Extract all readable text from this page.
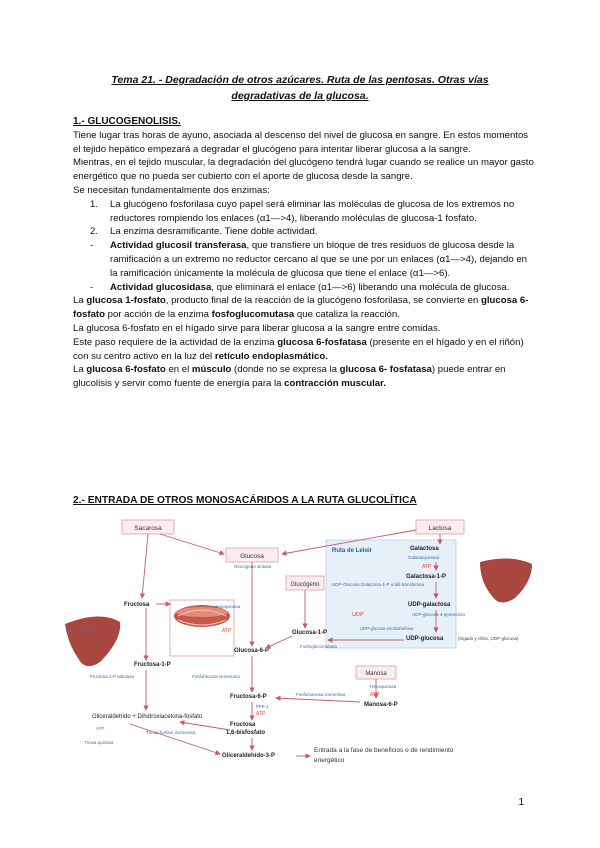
Tema 21. - Degradación de otros azúcares. Ruta de las pentosas. Otras vías
degradativas de la glucosa.

1.- GLUCOGENOLISIS.

Tiene lugar tras horas de ayuno, asociada al descenso del nivel de glucosa en sangre. En estos momentos el tejido hepático empezará a degradar el glucógeno para intentar liberar glucosa a la sangre.

Mientras, en el tejido muscular, la degradación del glucógeno tendrá lugar cuando se realice un mayor gasto energético que no pueda ser cubierto con el aporte de glucosa desde la sangre.

Se necesitan fundamentalmente dos enzimas:

1. La glucógeno fosforilasa cuyo papel será eliminar las moléculas de glucosa de los extremos no reductores rompiendo los enlaces (α1—>4), liberando moléculas de glucosa-1 fosfato.
2. La enzima desramificante. Tiene doble actividad.
- Actividad glucosil transferasa, que transfiere un bloque de tres residuos de glucosa desde la ramificación a un extremo no reductor cercano al que se une por un enlaces (α1—>4), dejando en la ramificación únicamente la molécula de glucosa que tiene el enlace (α1—>6).
- Actividad glucosidasa, que eliminará el enlace (α1—>6) liberando una molécula de glucosa.

La glucosa 1-fosfato, producto final de la reacción de la glucógeno fosforilasa, se convierte en glucosa 6- fosfato por acción de la enzima fosfoglucomutasa que cataliza la reacción.

La glucosa 6-fosfato en el hígado sirve para liberar glucosa a la sangre entre comidas.

Este paso requiere de la actividad de la enzima glucosa 6-fosfatasa (presente en el hígado y en el riñón) con su centro activo en la luz del retículo endoplasmático.

La glucosa 6-fosfato en el músculo (donde no se expresa la glucosa 6- fosfatasa) puede entrar en glucolisis y servir como fuente de energía para la contracción muscular.

2.- ENTRADA DE OTROS MONOSACÁRIDOS A LA RUTA GLUCOLÍTICA
Sacarosa	Lactosa
Glucosa
Glucógeno
Manosa
Ruta de Leloir	Galactosa
Galactoquinasa
ATP
Galactosa-1-P
UDP-Glucosa:Galactosa-1-P uridil-transferasa
UDP-galactosa
UDP	UDP-glucosa 4-epimerasa
UDP-glucosa
UDP-glucosa pirofosforilasa
(hígado y riñón, UDP-glucosa)
Fructosa
Fructoquinasa
Hexoquinasa
ATP
Glucógeno sintasa
Glucosa-1-P
Fosfoglucomutasa
Glucosa-6-P
Fructosa-1-P
Fructosa-1-P aldolasa
Hexoquinasa
ATP
Manosa-6-P
Fosfomanosa isomerasa
Fosfohexosa isomerasa
Fructosa-6-P
PFK-1
ATP
Fructosa
1,6-bisfosfato
Gliceraldehído + Dihidroxiacetona-fosfato
ATP
Triosa quinasa
Triosa-fosfato isomerasa
Gliceraldehído-3-P
Entrada a la fase de beneficios o de rendimiento
energético
1
